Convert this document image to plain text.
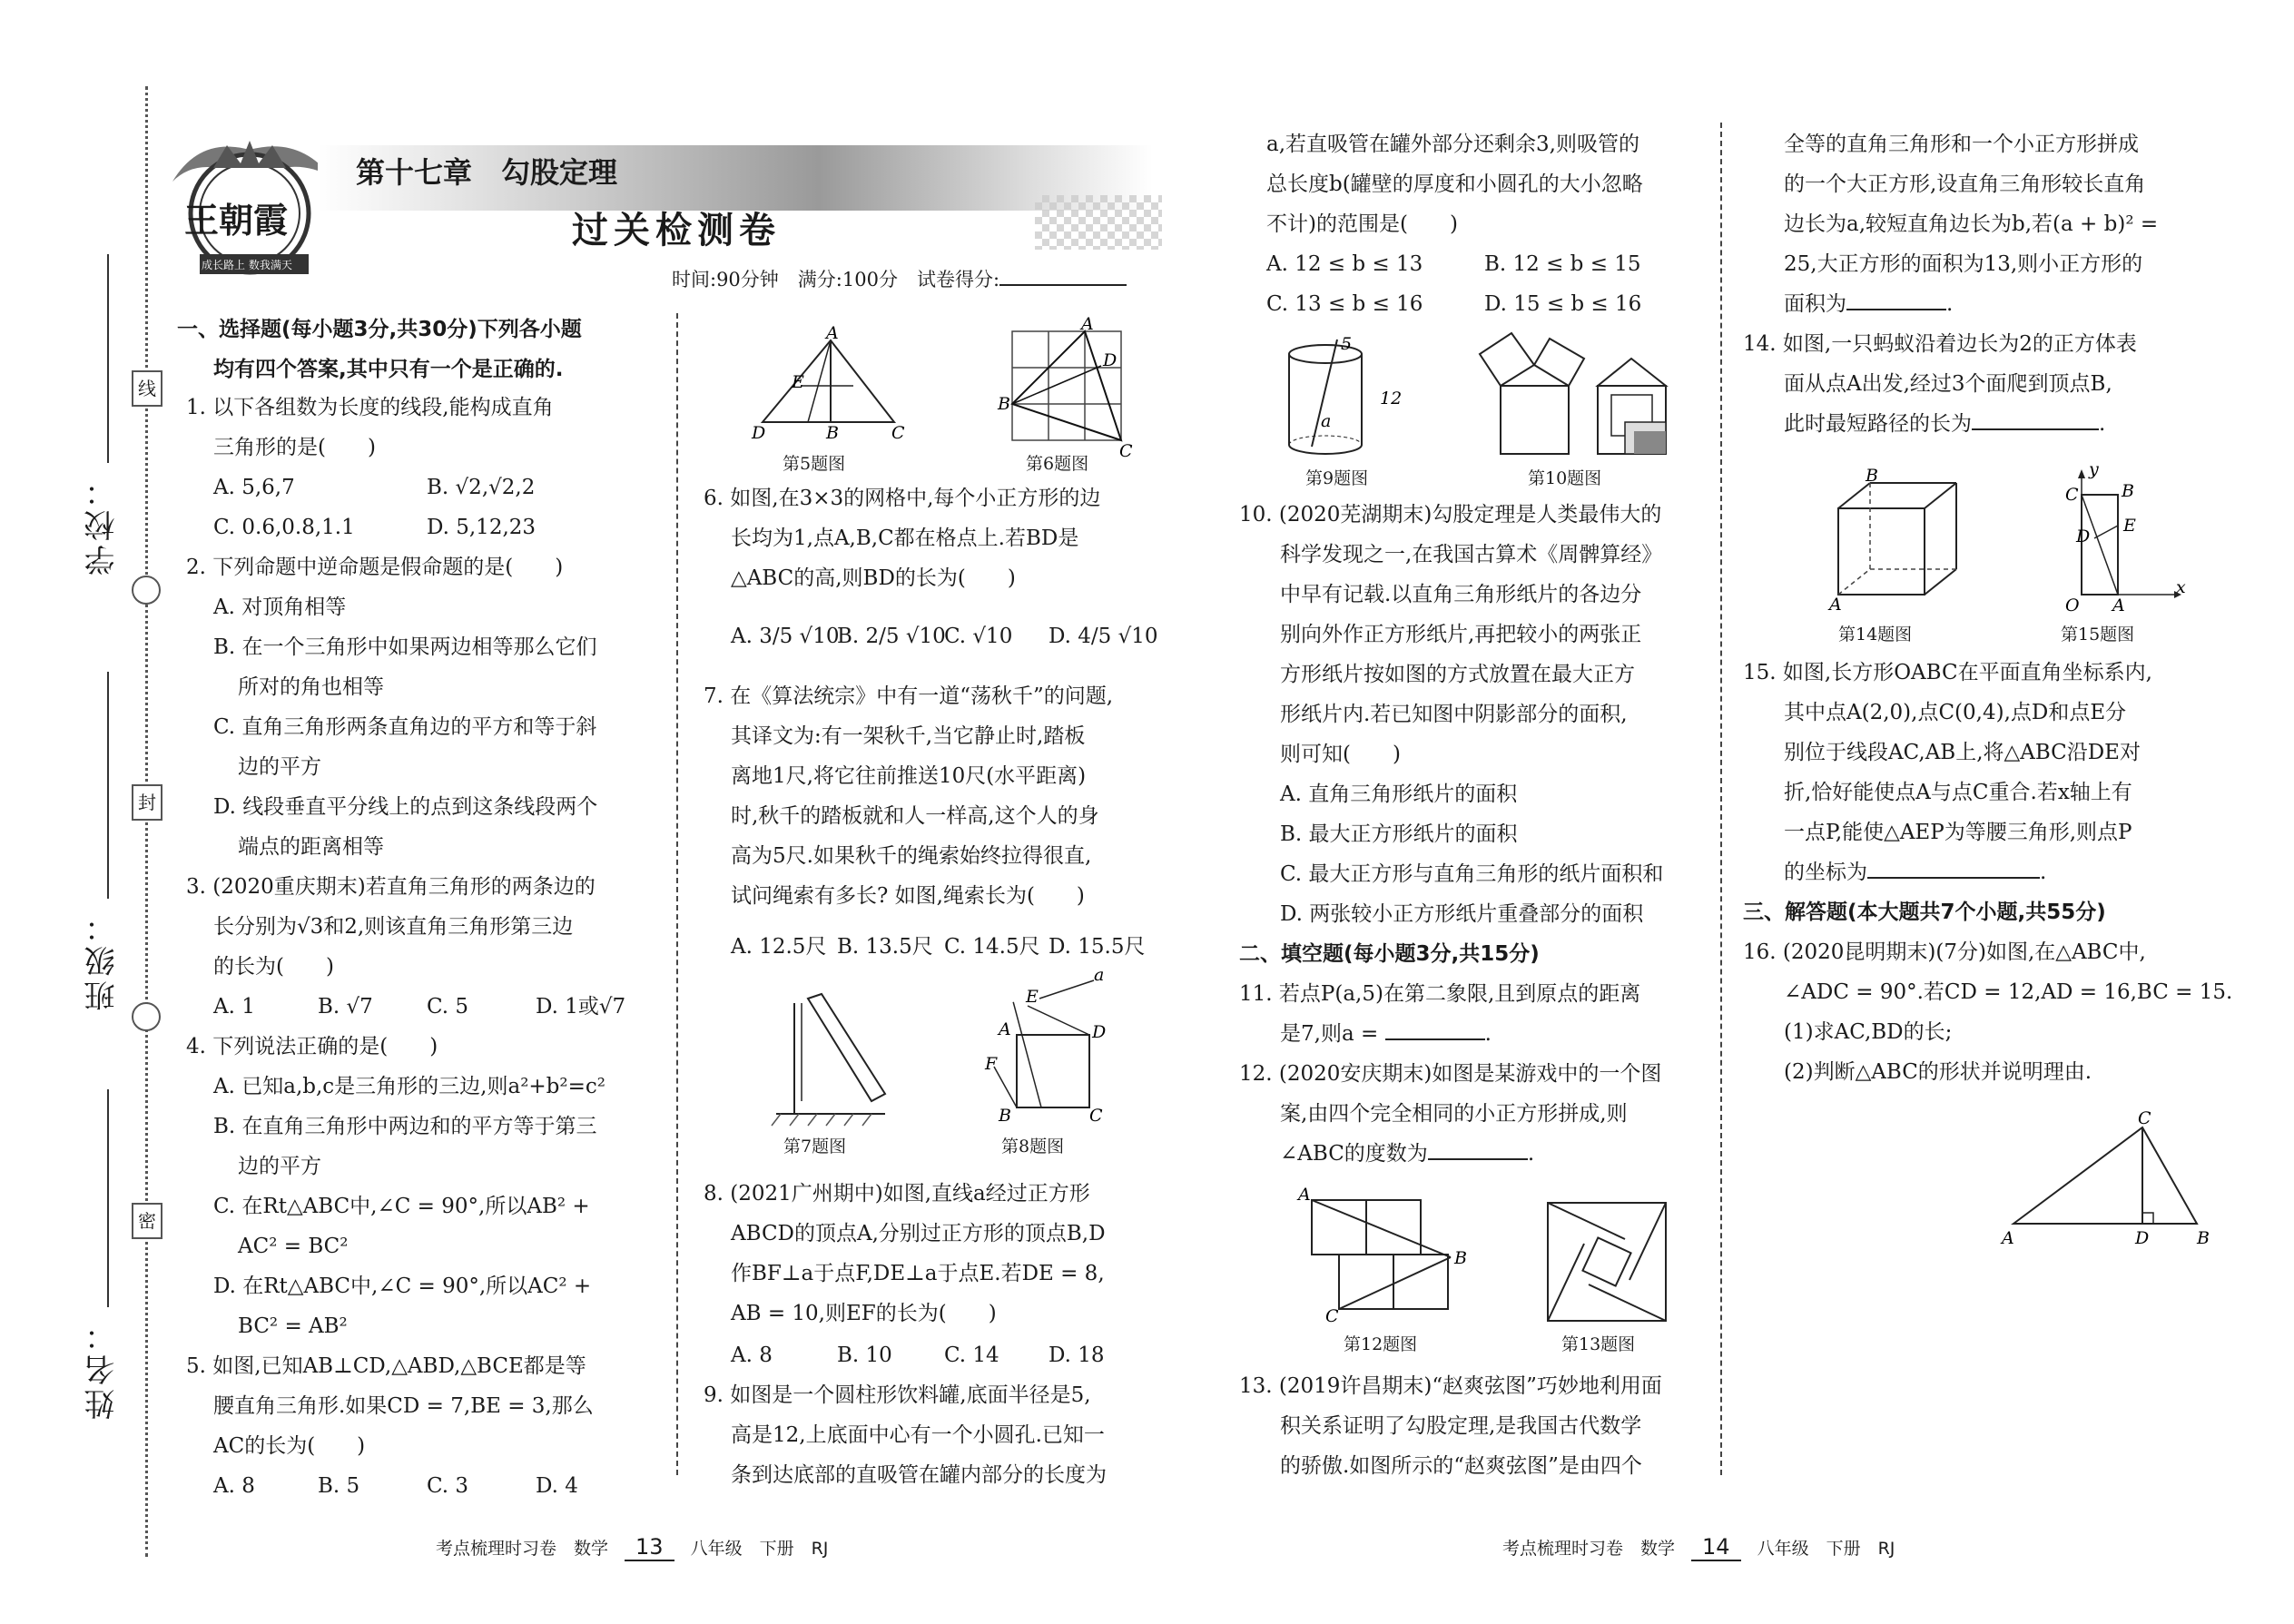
学校：
班级：
姓名：
线
封
密
王朝霞
成长路上 数我满天
第十七章　勾股定理
过关检测卷
时间:90分钟　满分:100分　试卷得分:
一、选择题(每小题3分,共30分)下列各小题
均有四个答案,其中只有一个是正确的.
1. 以下各组数为长度的线段,能构成直角
三角形的是(　　)
A. 5,6,7	B. √2,√2,2
C. 0.6,0.8,1.1	D. 5,12,23
2. 下列命题中逆命题是假命题的是(　　)
A. 对顶角相等
B. 在一个三角形中如果两边相等那么它们
所对的角也相等
C. 直角三角形两条直角边的平方和等于斜
边的平方
D. 线段垂直平分线上的点到这条线段两个
端点的距离相等
3. (2020重庆期末)若直角三角形的两条边的
长分别为√3和2,则该直角三角形第三边
的长为(　　)
A. 1	B. √7	C. 5	D. 1或√7
4. 下列说法正确的是(　　)
A. 已知a,b,c是三角形的三边,则a²+b²=c²
B. 在直角三角形中两边和的平方等于第三
边的平方
C. 在Rt△ABC中,∠C = 90°,所以AB² +
AC² = BC²
D. 在Rt△ABC中,∠C = 90°,所以AC² +
BC² = AB²
5. 如图,已知AB⊥CD,△ABD,△BCE都是等
腰直角三角形.如果CD = 7,BE = 3,那么
AC的长为(　　)
A. 8	B. 5	C. 3	D. 4
D
A
E
B	C
第5题图
A
B
D
C
第6题图
6. 如图,在3×3的网格中,每个小正方形的边
长均为1,点A,B,C都在格点上.若BD是
△ABC的高,则BD的长为(　　)
A. 3/5 √10
B. 2/5 √10
C. √10 D. 4/5 √10
7. 在《算法统宗》中有一道“荡秋千”的问题,
其译文为:有一架秋千,当它静止时,踏板
离地1尺,将它往前推送10尺(水平距离)
时,秋千的踏板就和人一样高,这个人的身
高为5尺.如果秋千的绳索始终拉得很直,
试问绳索有多长? 如图,绳索长为(　　)
A. 12.5尺 B. 13.5尺 C. 14.5尺 D. 15.5尺
8. (2021广州期中)如图,直线a经过正方形
ABCD的顶点A,分别过正方形的顶点B,D
作BF⊥a于点F,DE⊥a于点E.若DE = 8,
AB = 10,则EF的长为(　　)
A. 8	B. 10 C. 14 D. 18
9. 如图是一个圆柱形饮料罐,底面半径是5,
高是12,上底面中心有一个小圆孔.已知一
条到达底部的直吸管在罐内部分的长度为
第7题图
a
E
A	D
F
B	C
第8题图
a,若直吸管在罐外部分还剩余3,则吸管的
总长度b(罐壁的厚度和小圆孔的大小忽略
不计)的范围是(　　)
A. 12 ≤ b ≤ 13	B. 12 ≤ b ≤ 15
C. 13 ≤ b ≤ 16	D. 15 ≤ b ≤ 16
10. (2020芜湖期末)勾股定理是人类最伟大的
科学发现之一,在我国古算术《周髀算经》
中早有记载.以直角三角形纸片的各边分
别向外作正方形纸片,再把较小的两张正
方形纸片按如图的方式放置在最大正方
形纸片内.若已知图中阴影部分的面积,
则可知(　　)
A. 直角三角形纸片的面积
B. 最大正方形纸片的面积
C. 最大正方形与直角三角形的纸片面积和
D. 两张较小正方形纸片重叠部分的面积
二、填空题(每小题3分,共15分)
11. 若点P(a,5)在第二象限,且到原点的距离
是7,则a =	.
12. (2020安庆期末)如图是某游戏中的一个图
案,由四个完全相同的小正方形拼成,则
∠ABC的度数为	.
13. (2019许昌期末)“赵爽弦图”巧妙地利用面
积关系证明了勾股定理,是我国古代数学
的骄傲.如图所示的“赵爽弦图”是由四个
5
12
a
第9题图	第10题图
A
B
C
第12题图	第13题图
全等的直角三角形和一个小正方形拼成
的一个大正方形,设直角三角形较长直角
边长为a,较短直角边长为b,若(a + b)² =
25,大正方形的面积为13,则小正方形的
面积为	.
14. 如图,一只蚂蚁沿着边长为2的正方体表
面从点A出发,经过3个面爬到顶点B,
此时最短路径的长为	.
15. 如图,长方形OABC在平面直角坐标系内,
其中点A(2,0),点C(0,4),点D和点E分
别位于线段AC,AB上,将△ABC沿DE对
折,恰好能使点A与点C重合.若x轴上有
一点P,能使△AEP为等腰三角形,则点P
的坐标为	.
三、解答题(本大题共7个小题,共55分)
16. (2020昆明期末)(7分)如图,在△ABC中,
∠ADC = 90°.若CD = 12,AD = 16,BC = 15.
(1)求AC,BD的长;
(2)判断△ABC的形状并说明理由.
B
A
第14题图
y
x
C B
E
D
O A
第15题图
C
A	D	B
考点梳理时习卷　数学 13 八年级　下册　RJ	考点梳理时习卷　数学 14 八年级　下册　RJ
